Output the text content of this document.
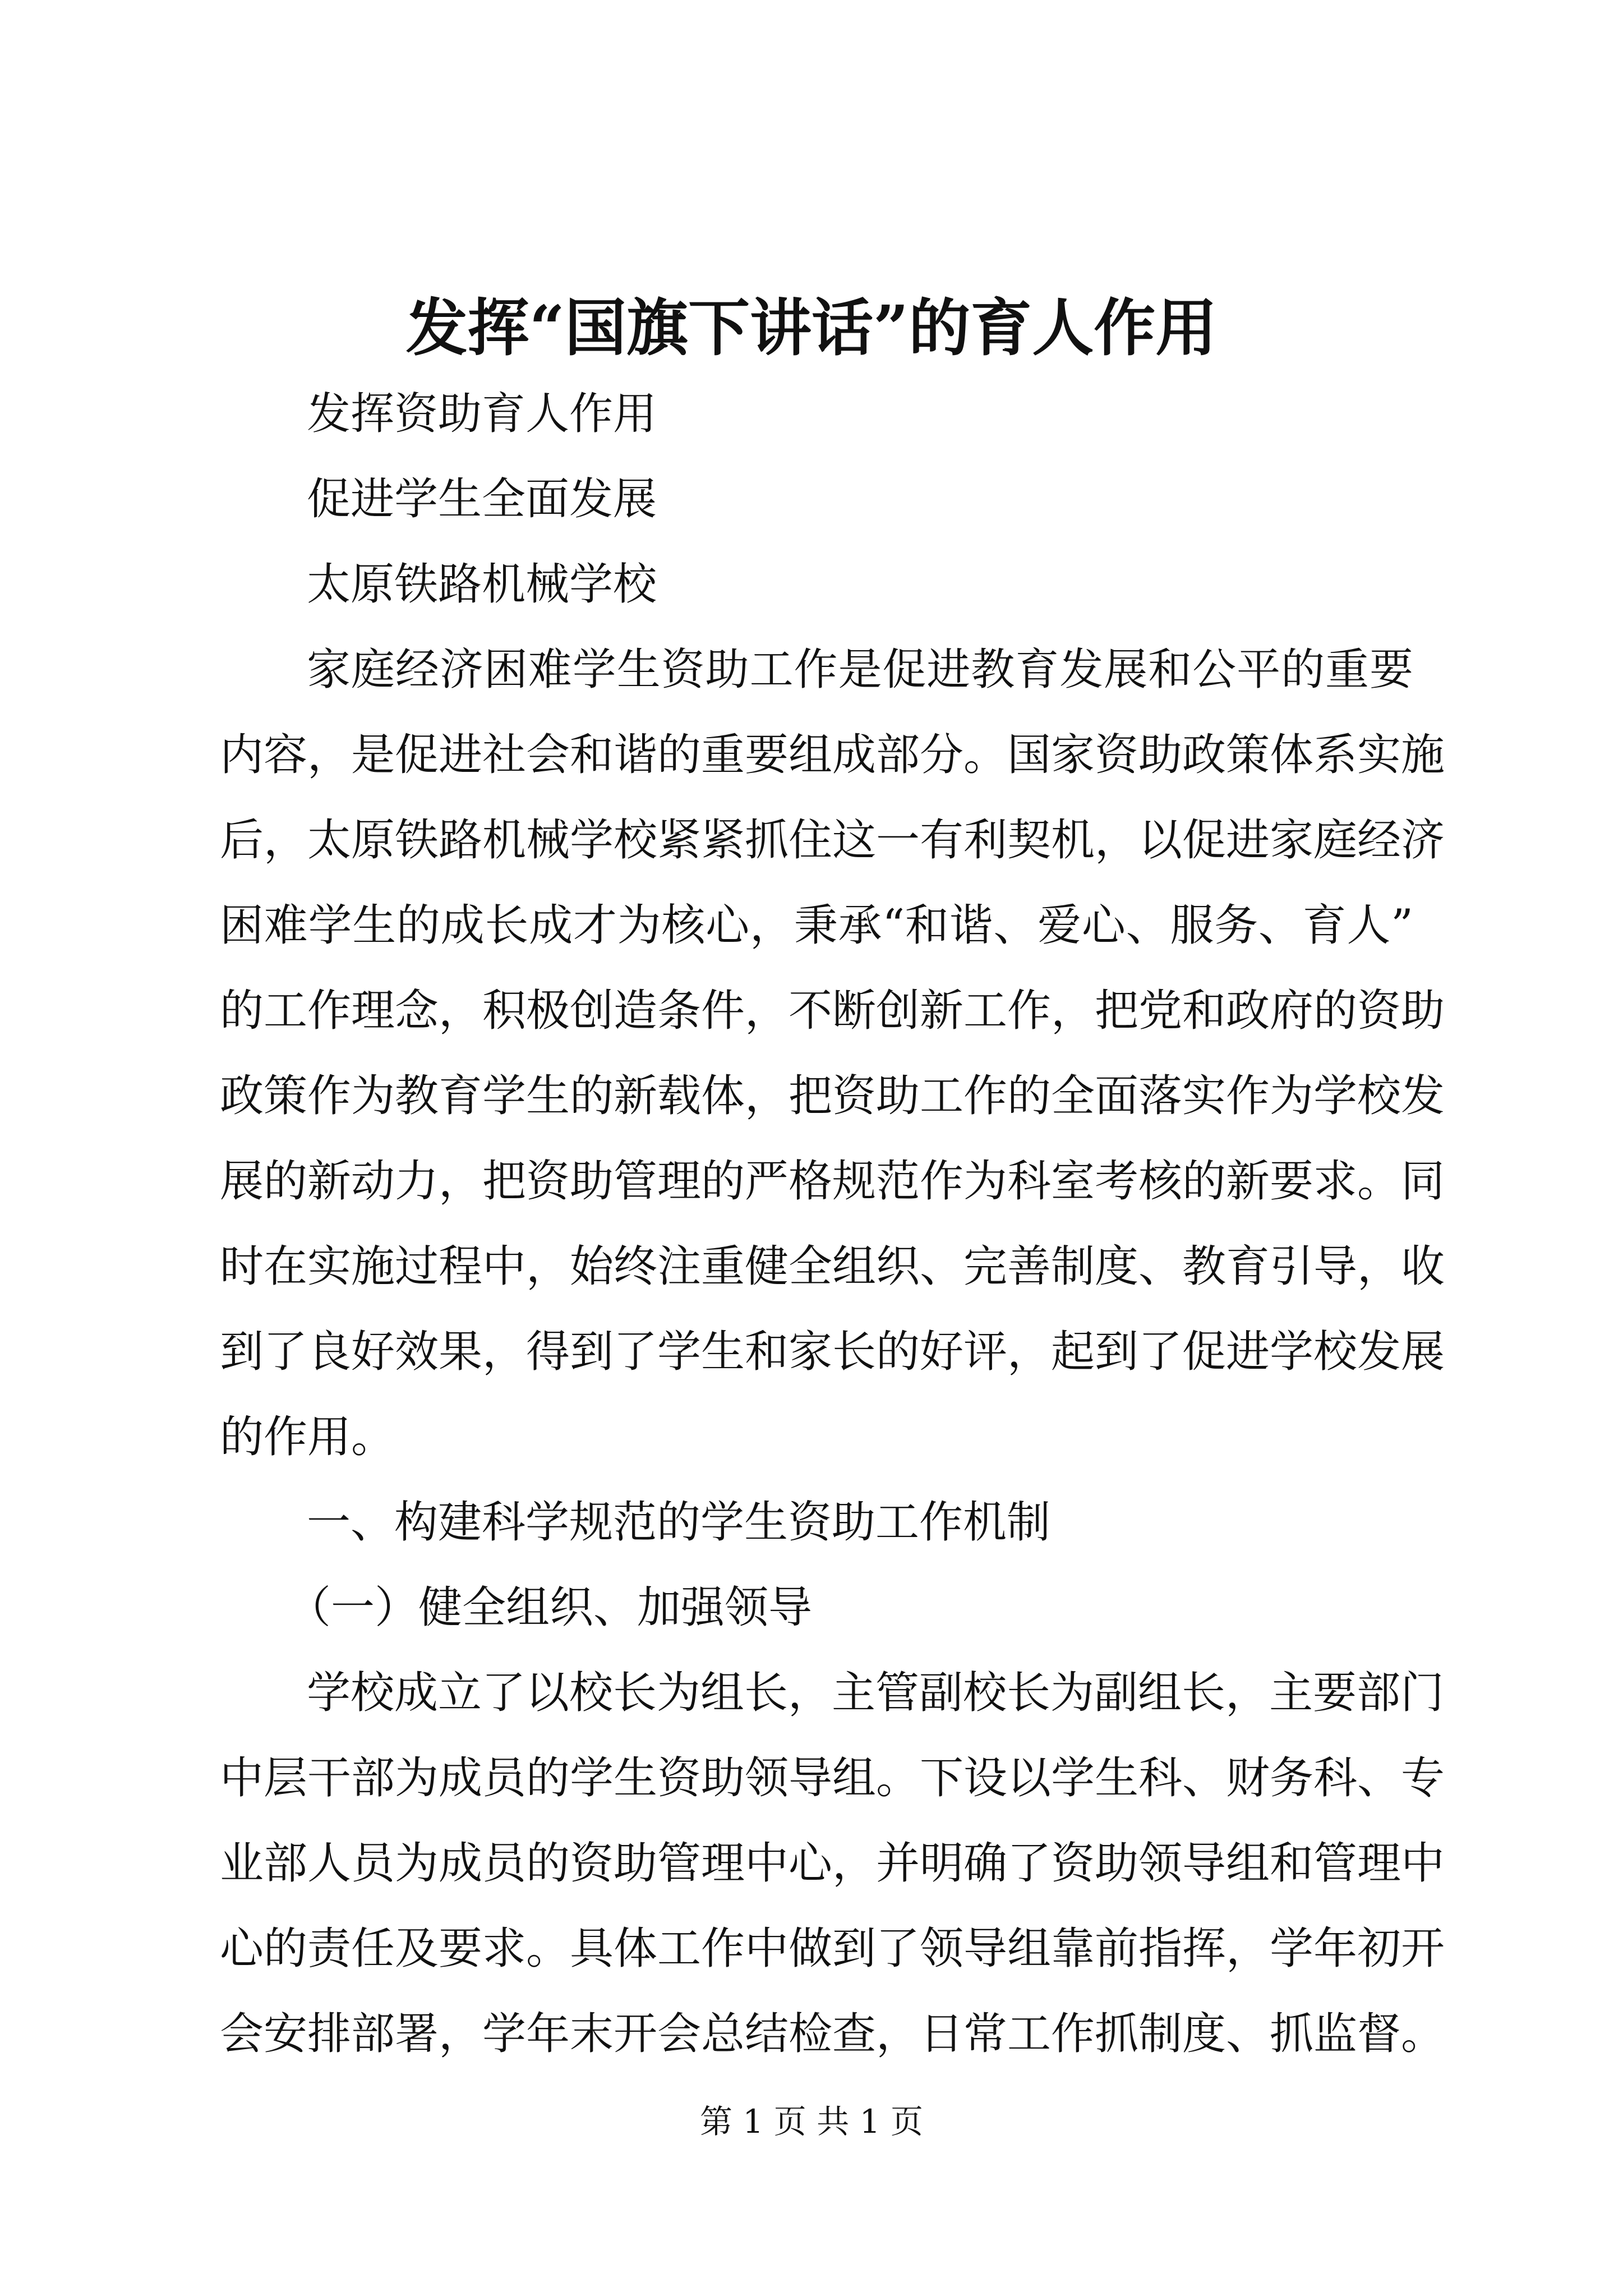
发挥“国旗下讲话”的育人作用
发挥资助育人作用
促进学生全面发展
太原铁路机械学校
家庭经济困难学生资助工作是促进教育发展和公平的重要
内容，是促进社会和谐的重要组成部分。国家资助政策体系实施
后，太原铁路机械学校紧紧抓住这一有利契机，以促进家庭经济
困难学生的成长成才为核心，秉承“和谐、爱心、服务、育人”
的工作理念，积极创造条件，不断创新工作，把党和政府的资助
政策作为教育学生的新载体，把资助工作的全面落实作为学校发
展的新动力，把资助管理的严格规范作为科室考核的新要求。同
时在实施过程中，始终注重健全组织、完善制度、教育引导，收
到了良好效果，得到了学生和家长的好评，起到了促进学校发展
的作用。
一、构建科学规范的学生资助工作机制
（一）健全组织、加强领导
学校成立了以校长为组长，主管副校长为副组长，主要部门
中层干部为成员的学生资助领导组。下设以学生科、财务科、专
业部人员为成员的资助管理中心，并明确了资助领导组和管理中
心的责任及要求。具体工作中做到了领导组靠前指挥，学年初开
会安排部署，学年末开会总结检查，日常工作抓制度、抓监督。
第 1 页 共 1 页
